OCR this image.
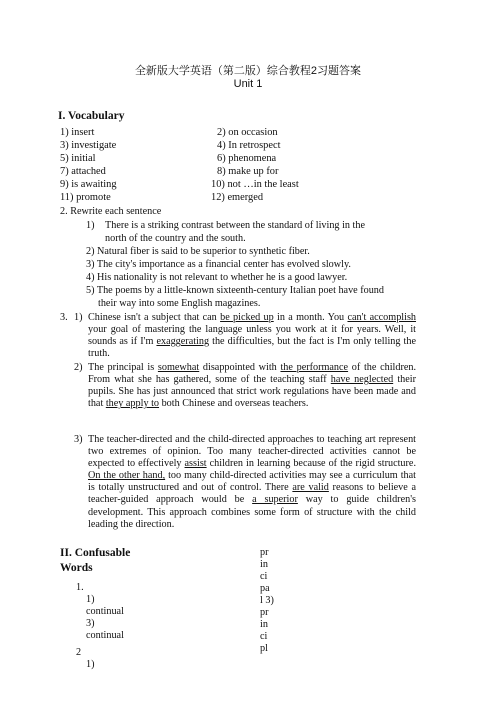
全新版大学英语（第二版）综合教程2习题答案
Unit 1
I. Vocabulary
1) insert
3) investigate
5) initial
7) attached
9) is awaiting
11) promote
2) on occasion
4) In retrospect
6) phenomena
8) make up for
10) not …in the least
12) emerged
2. Rewrite each sentence
1) There is a striking contrast between the standard of living in the
north of the country and the south.
2) Natural fiber is said to be superior to synthetic fiber.
3) The city's importance as a financial center has evolved slowly.
4) His nationality is not relevant to whether he is a good lawyer.
5) The poems by a little-known sixteenth-century Italian poet have found
their way into some English magazines.
3. 1) Chinese isn't a subject that can be picked up in a month. You can't accomplish your goal of mastering the language unless you work at it for years. Well, it sounds as if I'm exaggerating the difficulties, but the fact is I'm only telling the truth.
2) The principal is somewhat disappointed with the performance of the children. From what she has gathered, some of the teaching staff have neglected their pupils. She has just announced that strict work regulations have been made and that they apply to both Chinese and overseas teachers.
3) The teacher-directed and the child-directed approaches to teaching art represent two extremes of opinion. Too many teacher-directed activities cannot be expected to effectively assist children in learning because of the rigid structure. On the other hand, too many child-directed activities may see a curriculum that is totally unstructured and out of control. There are valid reasons to believe a teacher-guided approach would be a superior way to guide children's development. This approach combines some form of structure with the child leading the direction.
II. Confusable
Words
1.
1)
continual
3)
continual
2
1)
pr
in
ci
pa
l 3)
pr
in
ci
pl
